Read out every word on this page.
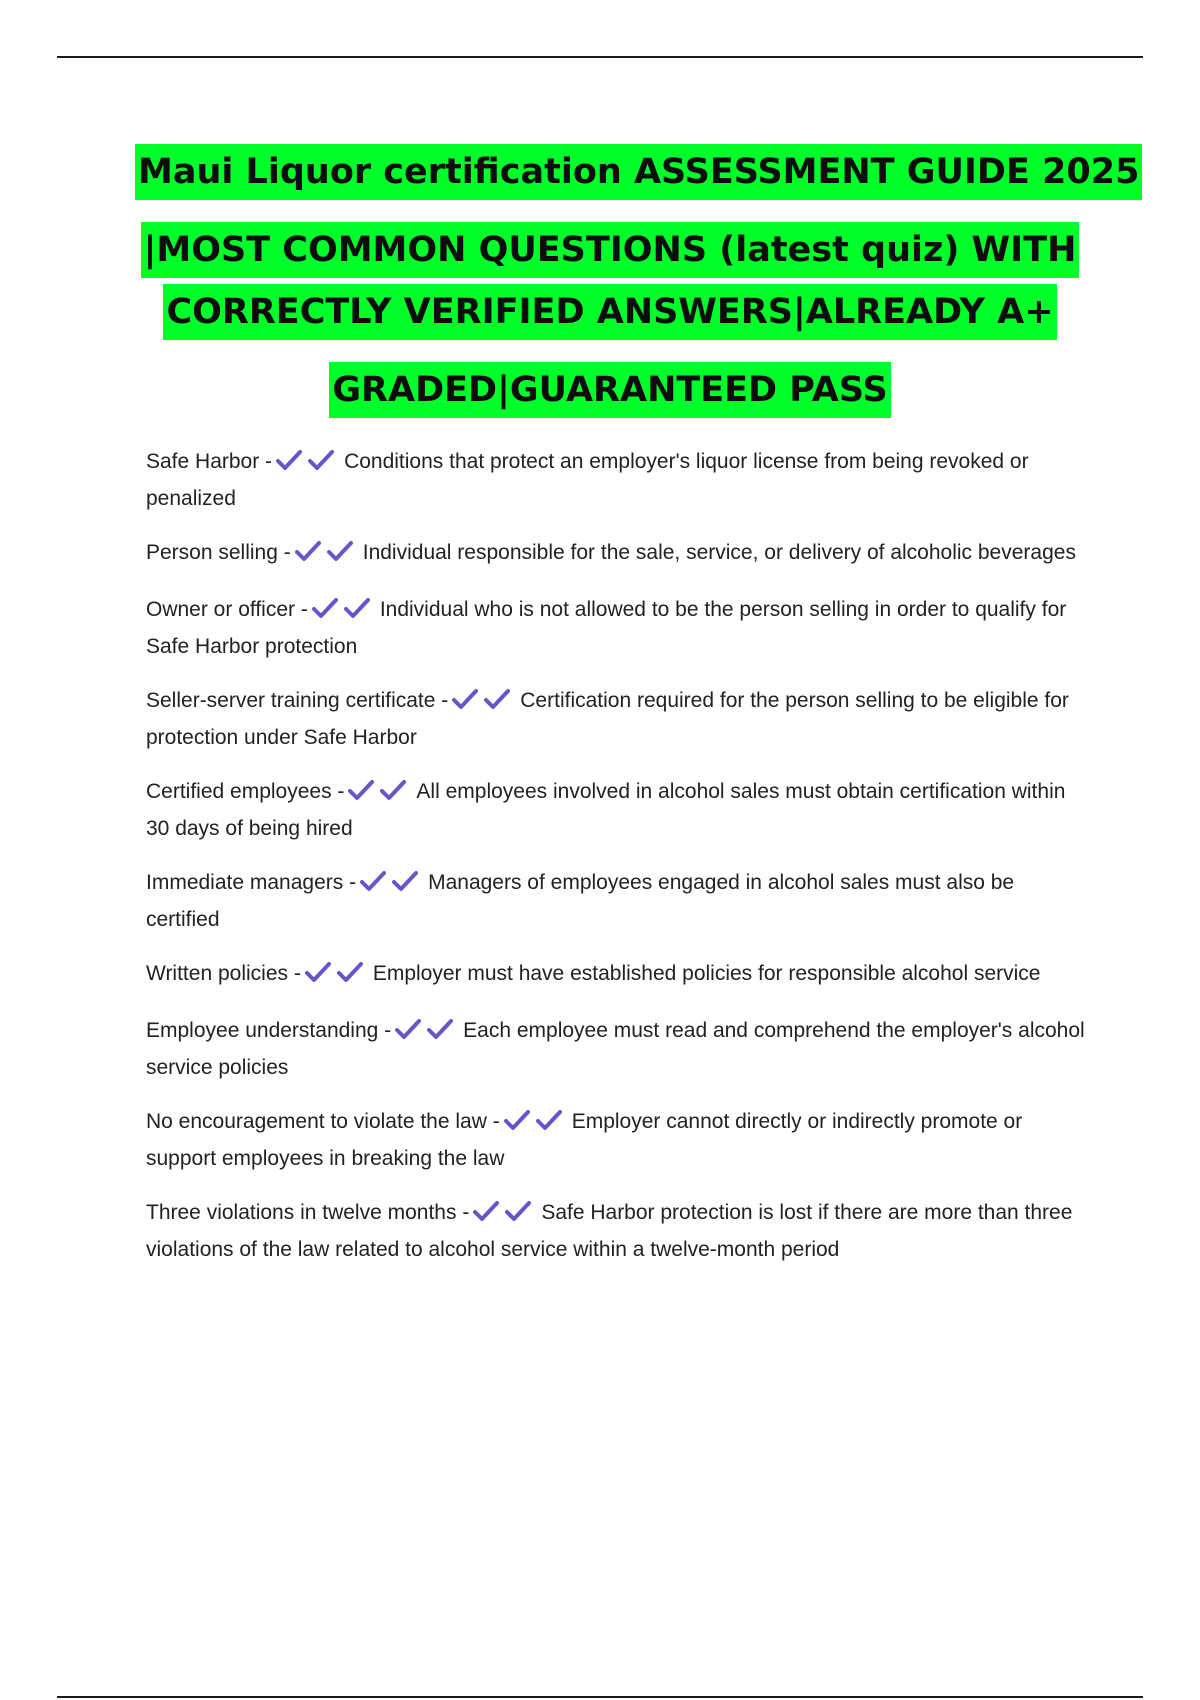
Maui Liquor certification ASSESSMENT GUIDE 2025
|MOST COMMON QUESTIONS (latest quiz) WITH
CORRECTLY VERIFIED ANSWERS|ALREADY A+
GRADED|GUARANTEED PASS
Safe Harbor -	Conditions that protect an employer's liquor license from being revoked or penalized
Person selling -	Individual responsible for the sale, service, or delivery of alcoholic beverages
Owner or officer -	Individual who is not allowed to be the person selling in order to qualify for Safe Harbor protection
Seller-server training certificate -	Certification required for the person selling to be eligible for protection under Safe Harbor
Certified employees -	All employees involved in alcohol sales must obtain certification within 30 days of being hired
Immediate managers -	Managers of employees engaged in alcohol sales must also be certified
Written policies -	Employer must have established policies for responsible alcohol service
Employee understanding -	Each employee must read and comprehend the employer's alcohol service policies
No encouragement to violate the law -	Employer cannot directly or indirectly promote or support employees in breaking the law
Three violations in twelve months -	Safe Harbor protection is lost if there are more than three violations of the law related to alcohol service within a twelve-month period
